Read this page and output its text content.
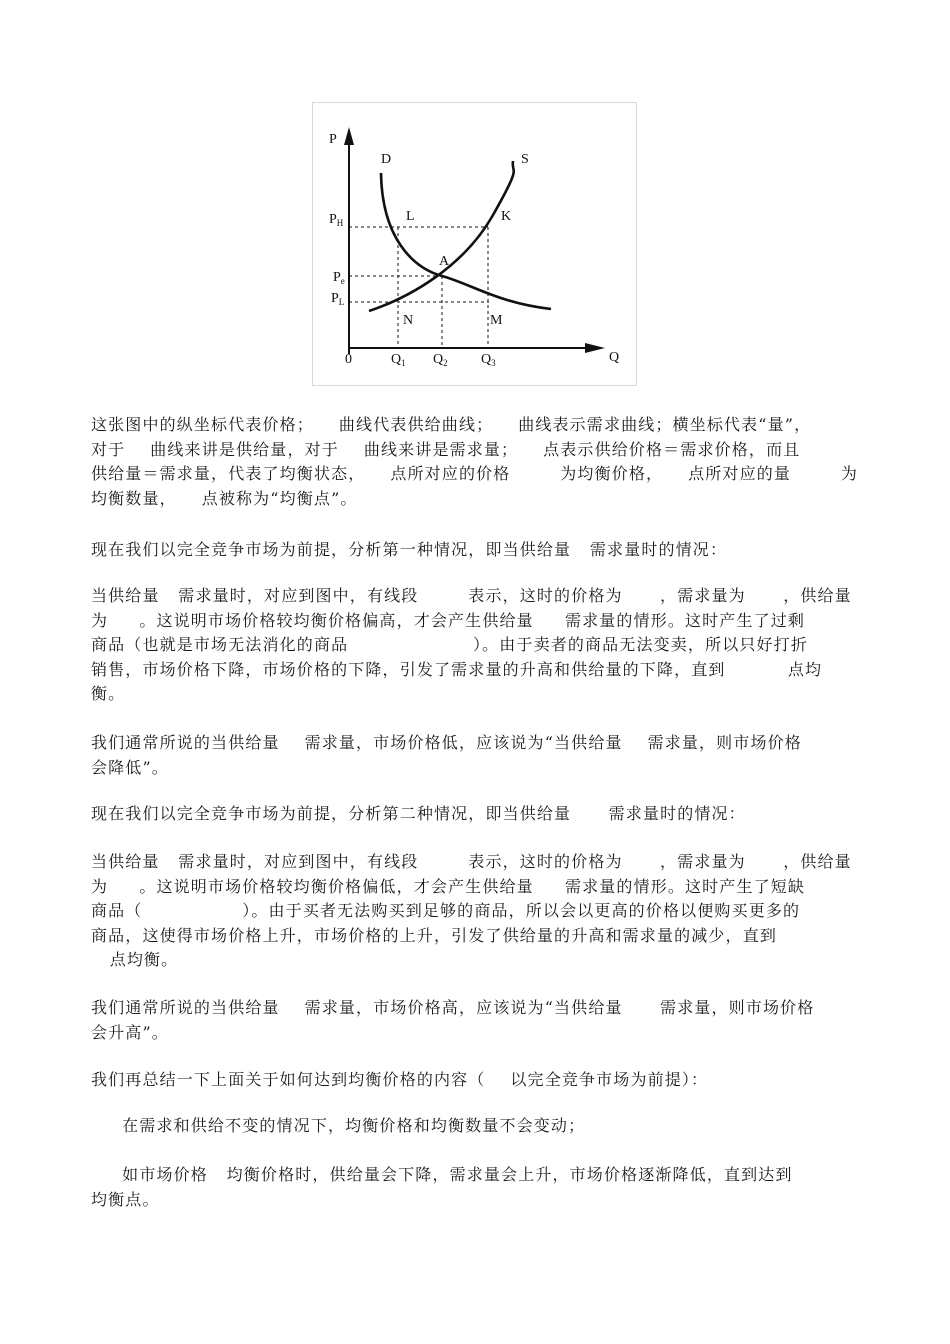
P
Q
0
D	S
$P_H$
$P_e$
$P_L$
$Q_1$ $Q_2$ $Q_3$
L	K
A
N	M

这张图中的纵坐标代表价格；    曲线代表供给曲线；    曲线表示需求曲线；横坐标代表“量”，

对于    曲线来讲是供给量，对于    曲线来讲是需求量；    点表示供给价格＝需求价格，而且

供给量＝需求量，代表了均衡状态，    点所对应的价格        为均衡价格，    点所对应的量        为

均衡数量，    点被称为“均衡点”。

现在我们以完全竞争市场为前提，分析第一种情况，即当供给量   需求量时的情况：

当供给量   需求量时，对应到图中，有线段        表示，这时的价格为      ，需求量为      ，供给量

为     。这说明市场价格较均衡价格偏高，才会产生供给量     需求量的情形。这时产生了过剩

商品（也就是市场无法消化的商品                    ）。由于卖者的商品无法变卖，所以只好打折

销售，市场价格下降，市场价格的下降，引发了需求量的升高和供给量的下降，直到          点均

衡。

我们通常所说的当供给量    需求量，市场价格低，应该说为“当供给量    需求量，则市场价格

会降低”。

现在我们以完全竞争市场为前提，分析第二种情况，即当供给量      需求量时的情况：

当供给量   需求量时，对应到图中，有线段        表示，这时的价格为      ，需求量为      ，供给量

为     。这说明市场价格较均衡价格偏低，才会产生供给量     需求量的情形。这时产生了短缺

商品（                ）。由于买者无法购买到足够的商品，所以会以更高的价格以便购买更多的

商品，这使得市场价格上升，市场价格的上升，引发了供给量的升高和需求量的减少，直到

点均衡。

我们通常所说的当供给量    需求量，市场价格高，应该说为“当供给量      需求量，则市场价格

会升高”。

我们再总结一下上面关于如何达到均衡价格的内容（    以完全竞争市场为前提）：

在需求和供给不变的情况下，均衡价格和均衡数量不会变动；

如市场价格   均衡价格时，供给量会下降，需求量会上升，市场价格逐渐降低，直到达到

均衡点。
